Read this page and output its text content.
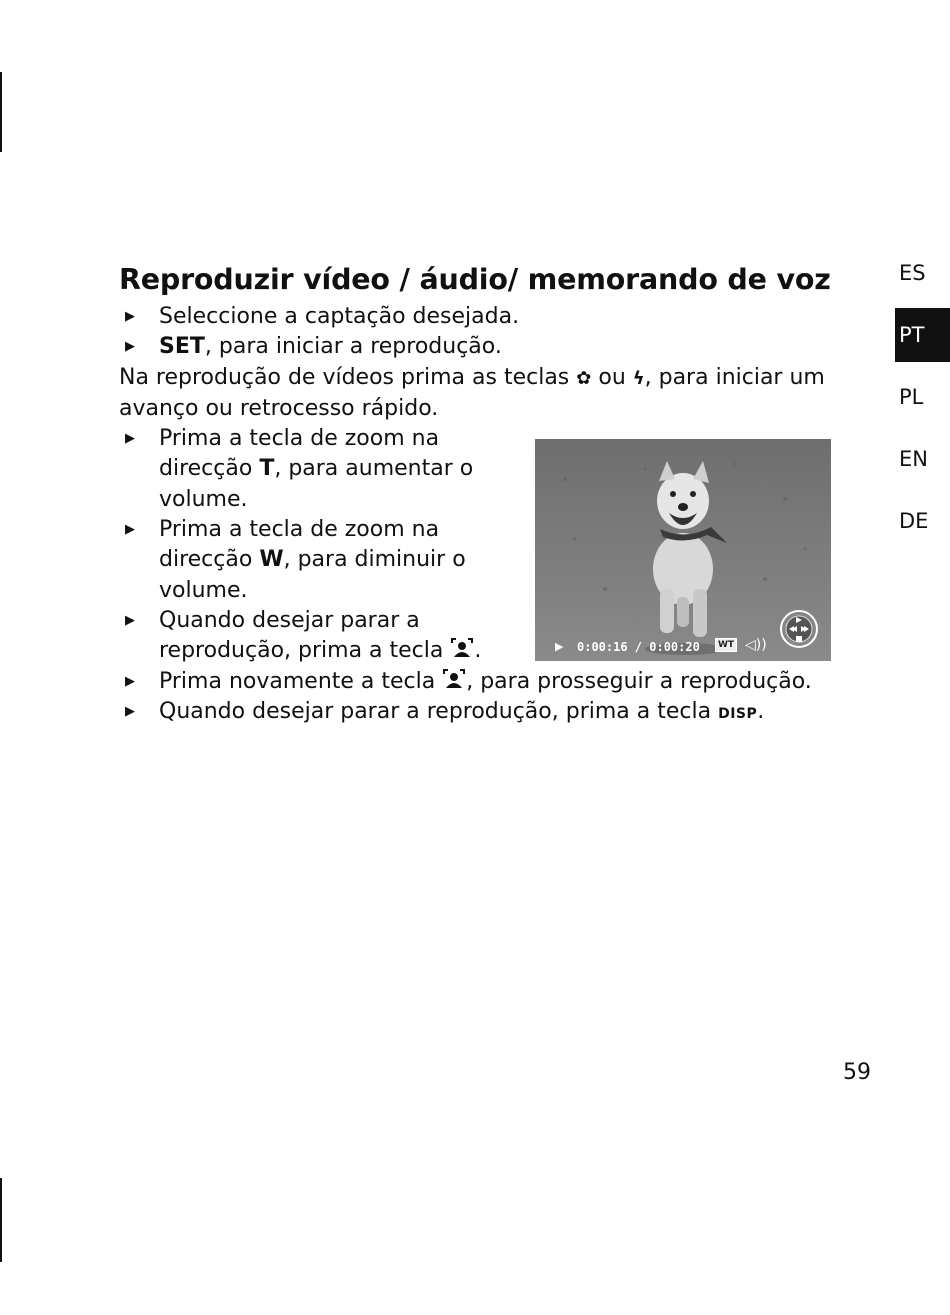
ES
PT
PL
EN
DE
Reproduzir vídeo / áudio/ memorando de voz
▶ Seleccione a captação desejada.
▶ SET, para iniciar a reprodução.
Na reprodução de vídeos prima as teclas ✿ ou ϟ, para iniciar um avanço ou retrocesso rápido.
▶ Prima a tecla de zoom na direcção T, para aumentar o volume.
▶ Prima a tecla de zoom na direcção W, para diminuir o volume.
▶ Quando desejar parar a reprodução, prima a tecla .
▶ Prima novamente a tecla , para prosseguir a reprodução.
▶ Quando desejar parar a reprodução, prima a tecla DISP.
▶ 0:00:16 / 0:00:20	WT ◁))
59
